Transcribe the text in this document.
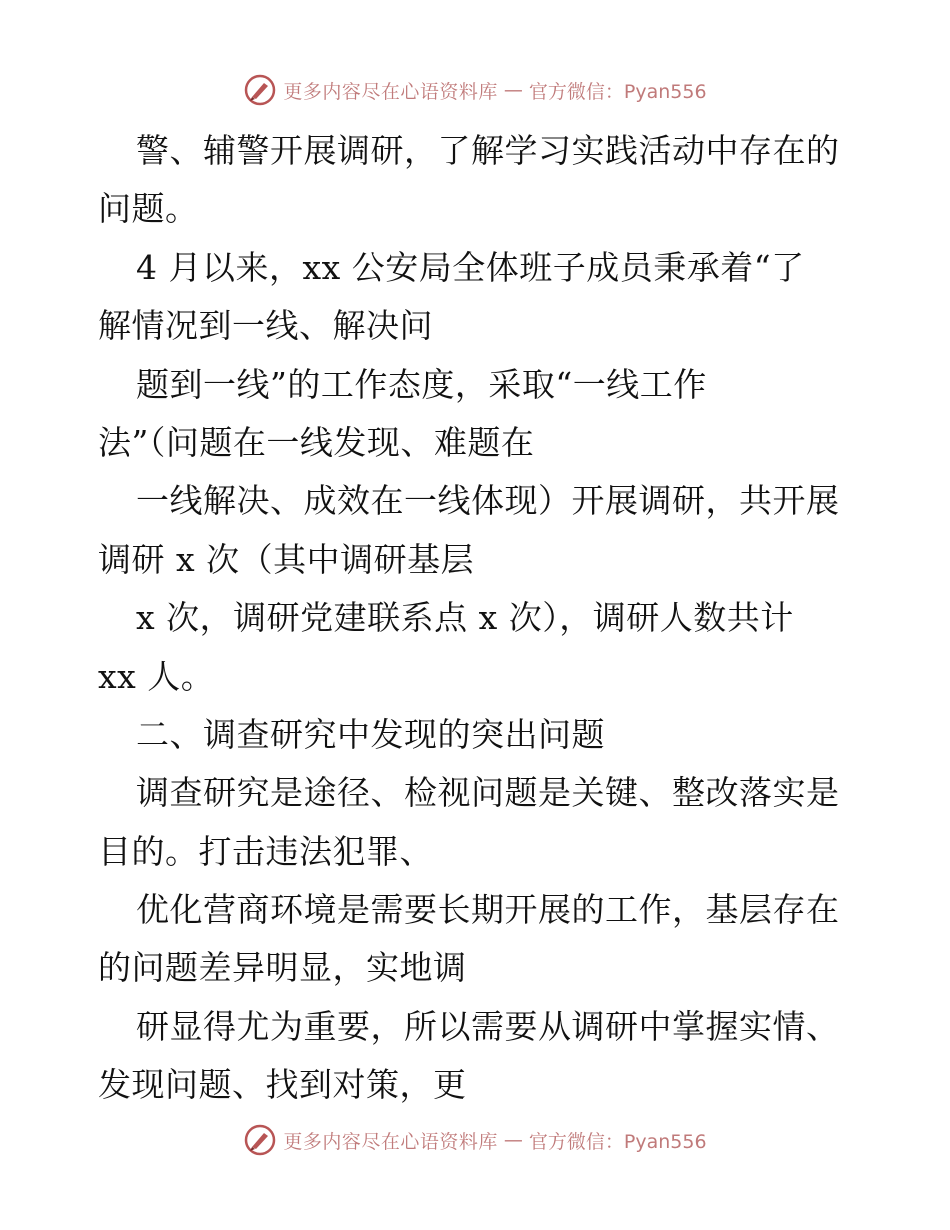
更多内容尽在心语资料库 — 官方微信：Pyan556
警、辅警开展调研，了解学习实践活动中存在的
问题。
4 月以来，xx 公安局全体班子成员秉承着“了
解情况到一线、解决问
题到一线”的工作态度，采取“一线工作
法”（问题在一线发现、难题在
一线解决、成效在一线体现）开展调研，共开展
调研 x 次（其中调研基层
x 次，调研党建联系点 x 次），调研人数共计
xx 人。
二、调查研究中发现的突出问题
调查研究是途径、检视问题是关键、整改落实是
目的。打击违法犯罪、
优化营商环境是需要长期开展的工作，基层存在
的问题差异明显，实地调
研显得尤为重要，所以需要从调研中掌握实情、
发现问题、找到对策，更
更多内容尽在心语资料库 — 官方微信：Pyan556
